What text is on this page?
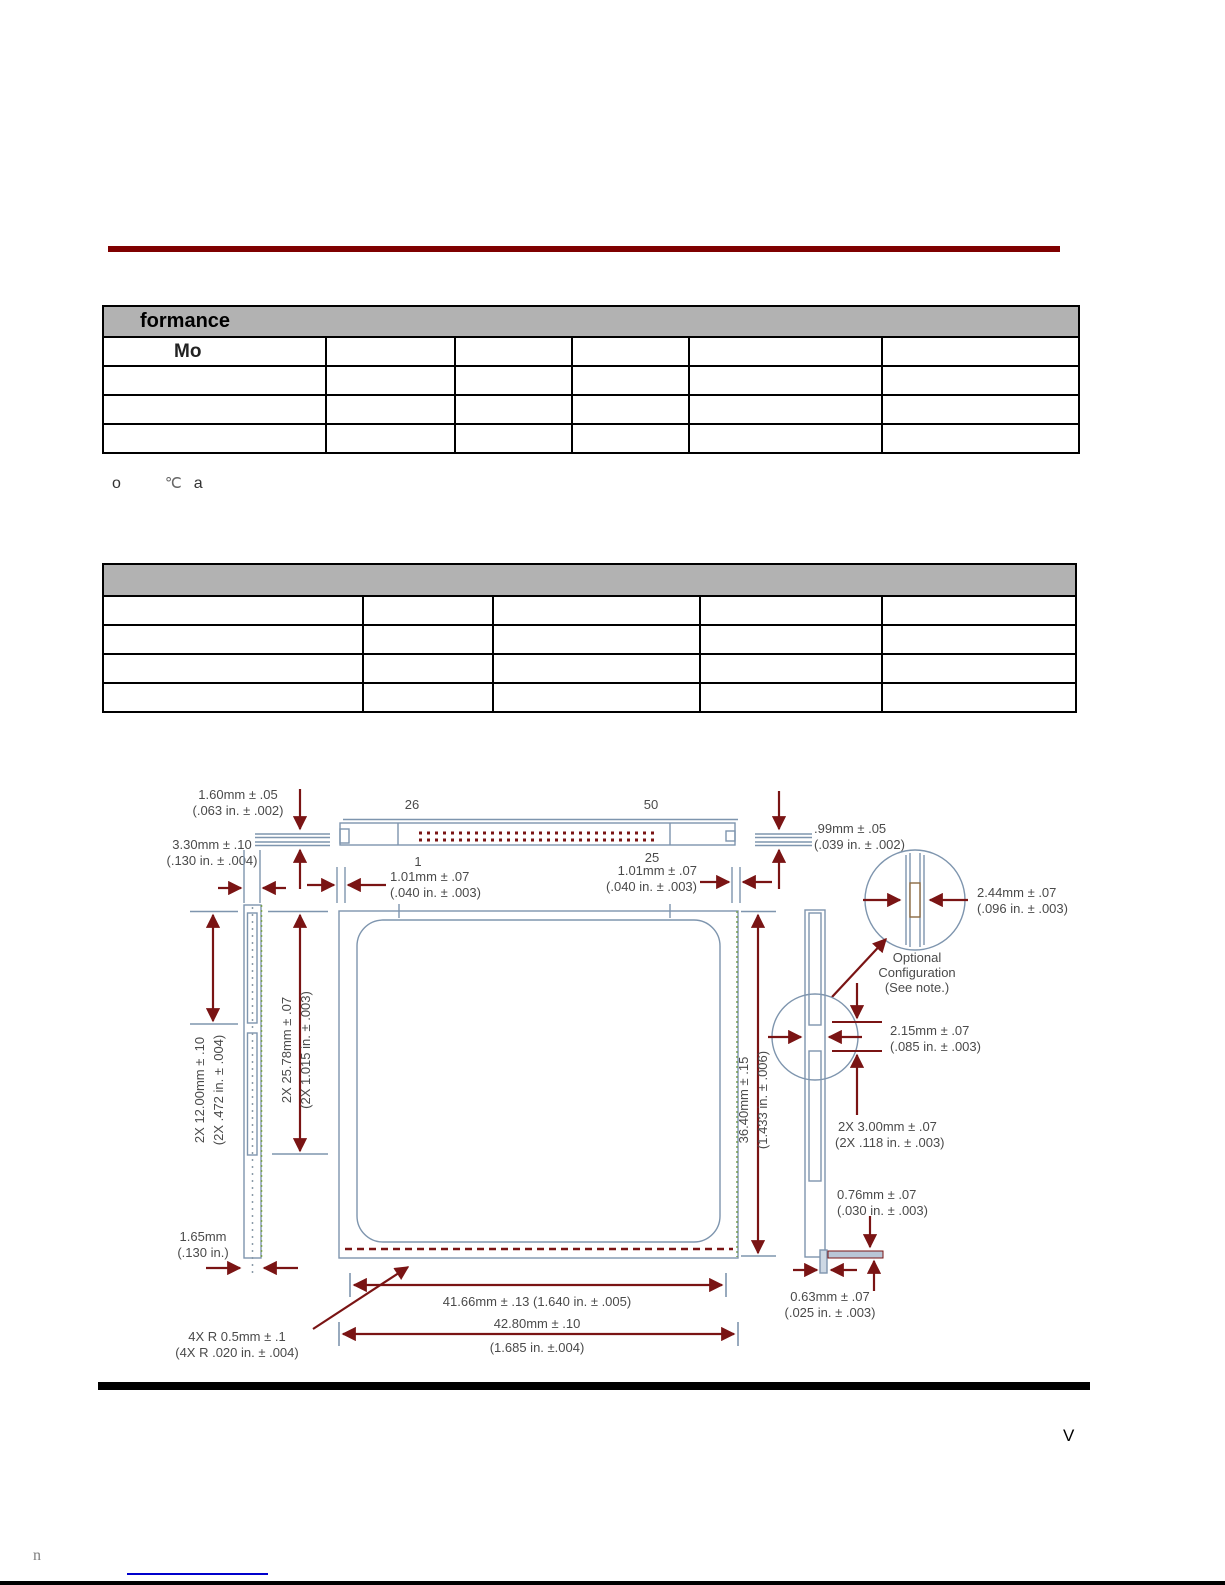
formance					
Mo					

o	℃ a

26	50
1	25
1.60mm ± .05
(.063 in. ± .002)
3.30mm ± .10
(.130 in. ± .004)
1.01mm ± .07
(.040 in. ± .003)
1.01mm ± .07
(.040 in. ± .003)
.99mm ± .05
(.039 in. ± .002)
2.44mm ± .07
(.096 in. ± .003)
Optional
Configuration
(See note.)
2X 12.00mm ± .10 (2X .472 in. ± .004)	2X 25.78mm ± .07 (2X 1.015 in. ± .003)
1.65mm
(.130 in.)
36.40mm ± .15 (1.433 in. ± .006)
2.15mm ± .07
(.085 in. ± .003)
2X 3.00mm ± .07
(2X .118 in. ± .003)
0.76mm ± .07
(.030 in. ± .003)
0.63mm ± .07
(.025 in. ± .003)
41.66mm ± .13 (1.640 in. ± .005)
42.80mm ± .10
(1.685 in. ±.004)
4X R 0.5mm ± .1
(4X R .020 in. ± .004)
V
n
